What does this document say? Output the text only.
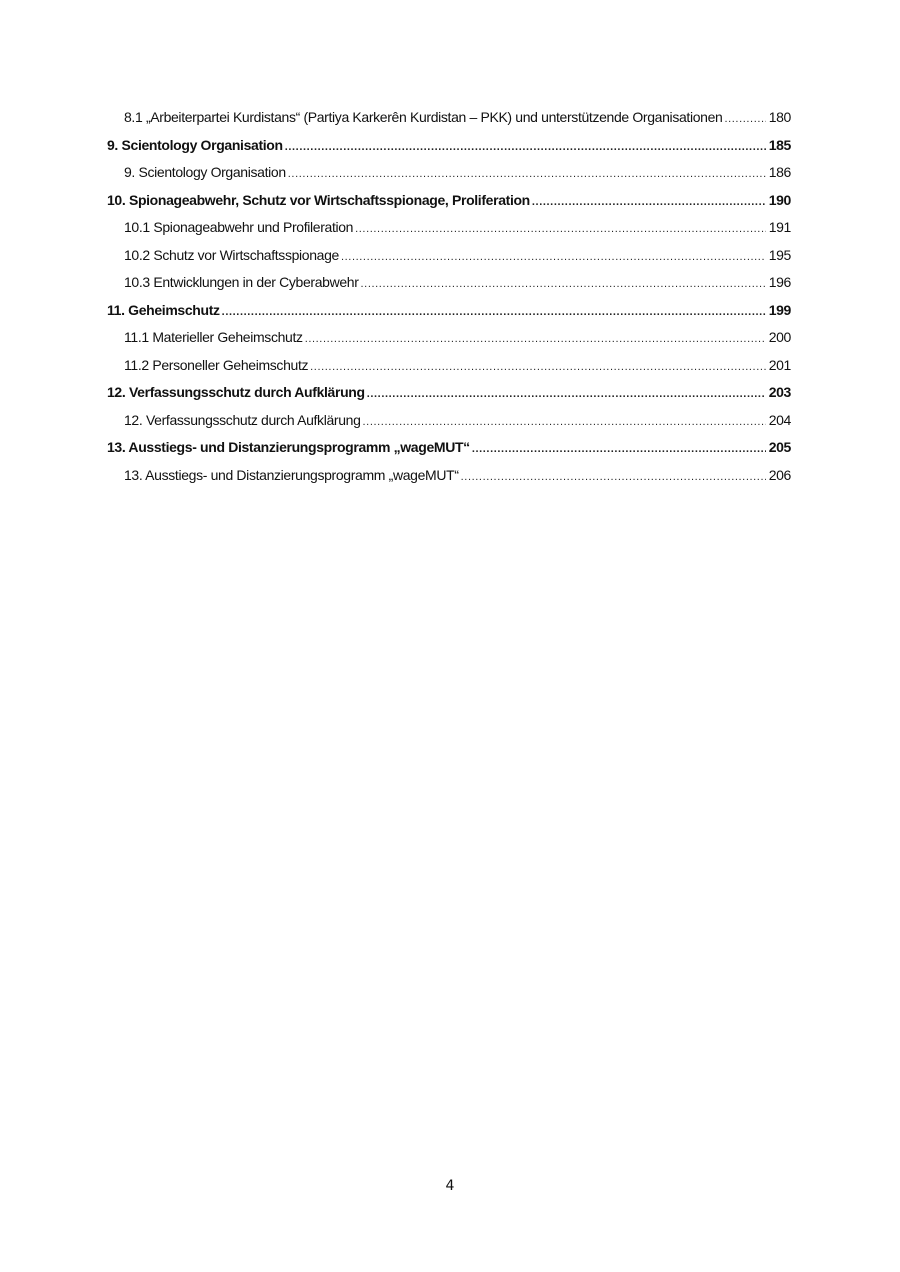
8.1 „Arbeiterpartei Kurdistans“ (Partiya Karkerên Kurdistan – PKK) und unterstützende Organisationen .....	180
9. Scientology Organisation .....	185
9. Scientology Organisation .....	186
10. Spionageabwehr, Schutz vor Wirtschaftsspionage, Proliferation .....	190
10.1 Spionageabwehr und Profileration .....	191
10.2 Schutz vor Wirtschaftsspionage .....	195
10.3 Entwicklungen in der Cyberabwehr .....	196
11. Geheimschutz .....	199
11.1 Materieller Geheimschutz .....	200
11.2 Personeller Geheimschutz .....	201
12. Verfassungsschutz durch Aufklärung .....	203
12. Verfassungsschutz durch Aufklärung .....	204
13. Ausstiegs- und Distanzierungsprogramm „wageMUT“ .....	205
13. Ausstiegs- und Distanzierungsprogramm „wageMUT“ .....	206
4
